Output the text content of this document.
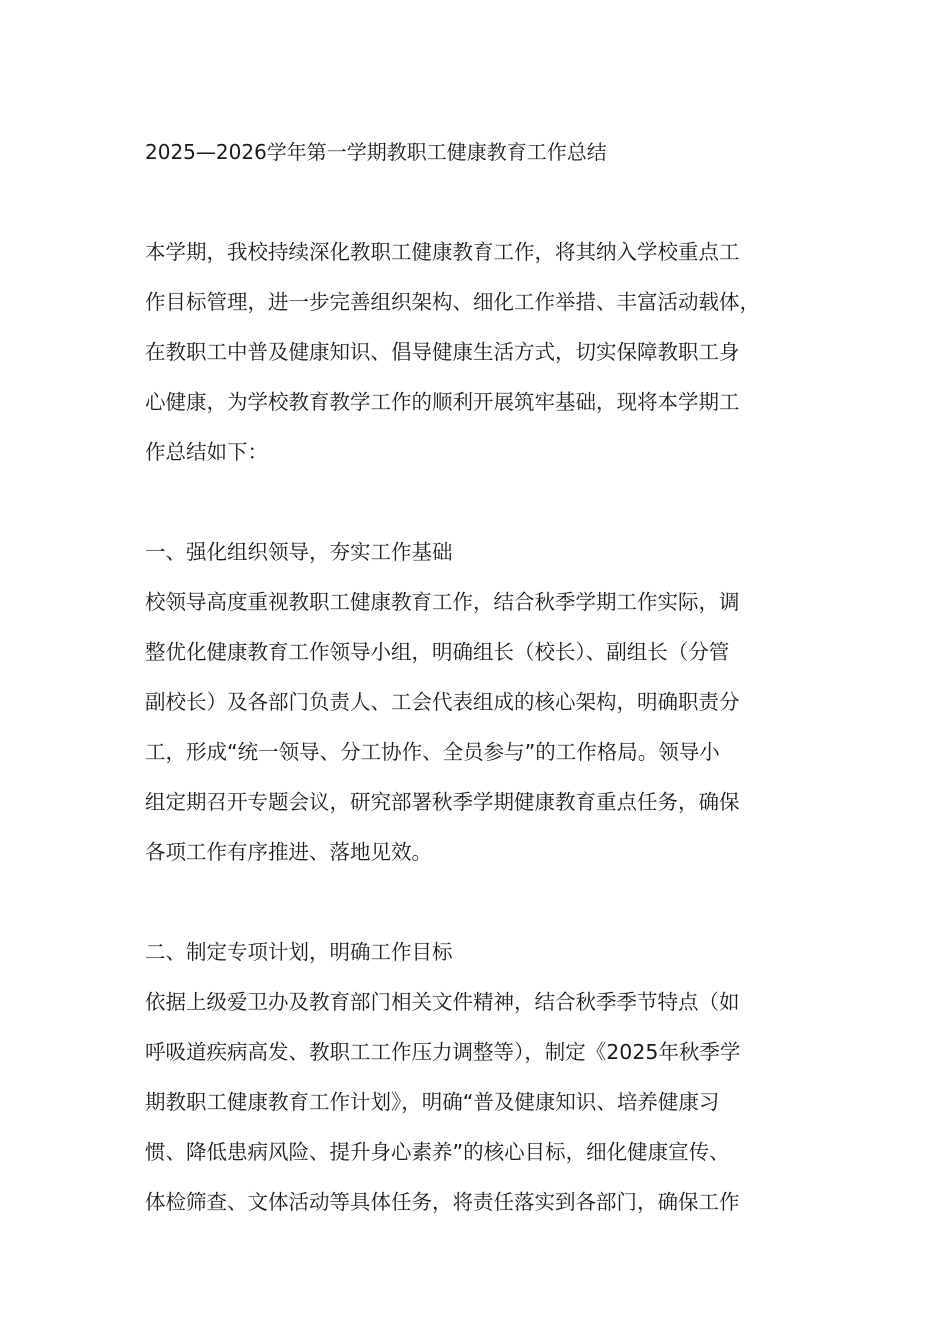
2025—2026学年第一学期教职工健康教育工作总结
本学期，我校持续深化教职工健康教育工作，将其纳入学校重点工
作目标管理，进一步完善组织架构、细化工作举措、丰富活动载体，
在教职工中普及健康知识、倡导健康生活方式，切实保障教职工身
心健康，为学校教育教学工作的顺利开展筑牢基础，现将本学期工
作总结如下：
一、强化组织领导，夯实工作基础
校领导高度重视教职工健康教育工作，结合秋季学期工作实际，调
整优化健康教育工作领导小组，明确组长（校长）、副组长（分管
副校长）及各部门负责人、工会代表组成的核心架构，明确职责分
工，形成“统一领导、分工协作、全员参与”的工作格局。领导小
组定期召开专题会议，研究部署秋季学期健康教育重点任务，确保
各项工作有序推进、落地见效。
二、制定专项计划，明确工作目标
依据上级爱卫办及教育部门相关文件精神，结合秋季季节特点（如
呼吸道疾病高发、教职工工作压力调整等），制定《2025年秋季学
期教职工健康教育工作计划》，明确“普及健康知识、培养健康习
惯、降低患病风险、提升身心素养”的核心目标，细化健康宣传、
体检筛查、文体活动等具体任务，将责任落实到各部门，确保工作
